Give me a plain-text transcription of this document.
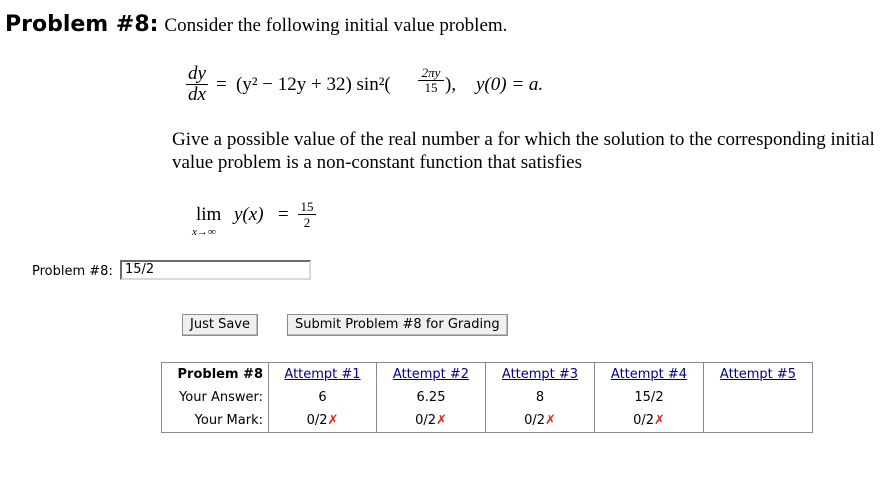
Problem #8: Consider the following initial value problem.
dy
dx = (y² − 12y + 32) sin²(
2πy
15 ), y(0) = a.
Give a possible value of the real number a for which the solution to the corresponding initial value problem is a non-constant function that satisfies
lim
x→∞
y(x) = 15
2
Problem #8: 15/2
Just Save	Submit Problem #8 for Grading
Problem #8	Attempt #1	Attempt #2	Attempt #3	Attempt #4	Attempt #5
Your Answer:	6	6.25	8	15/2	
Your Mark:	0/2✗	0/2✗	0/2✗	0/2✗	
